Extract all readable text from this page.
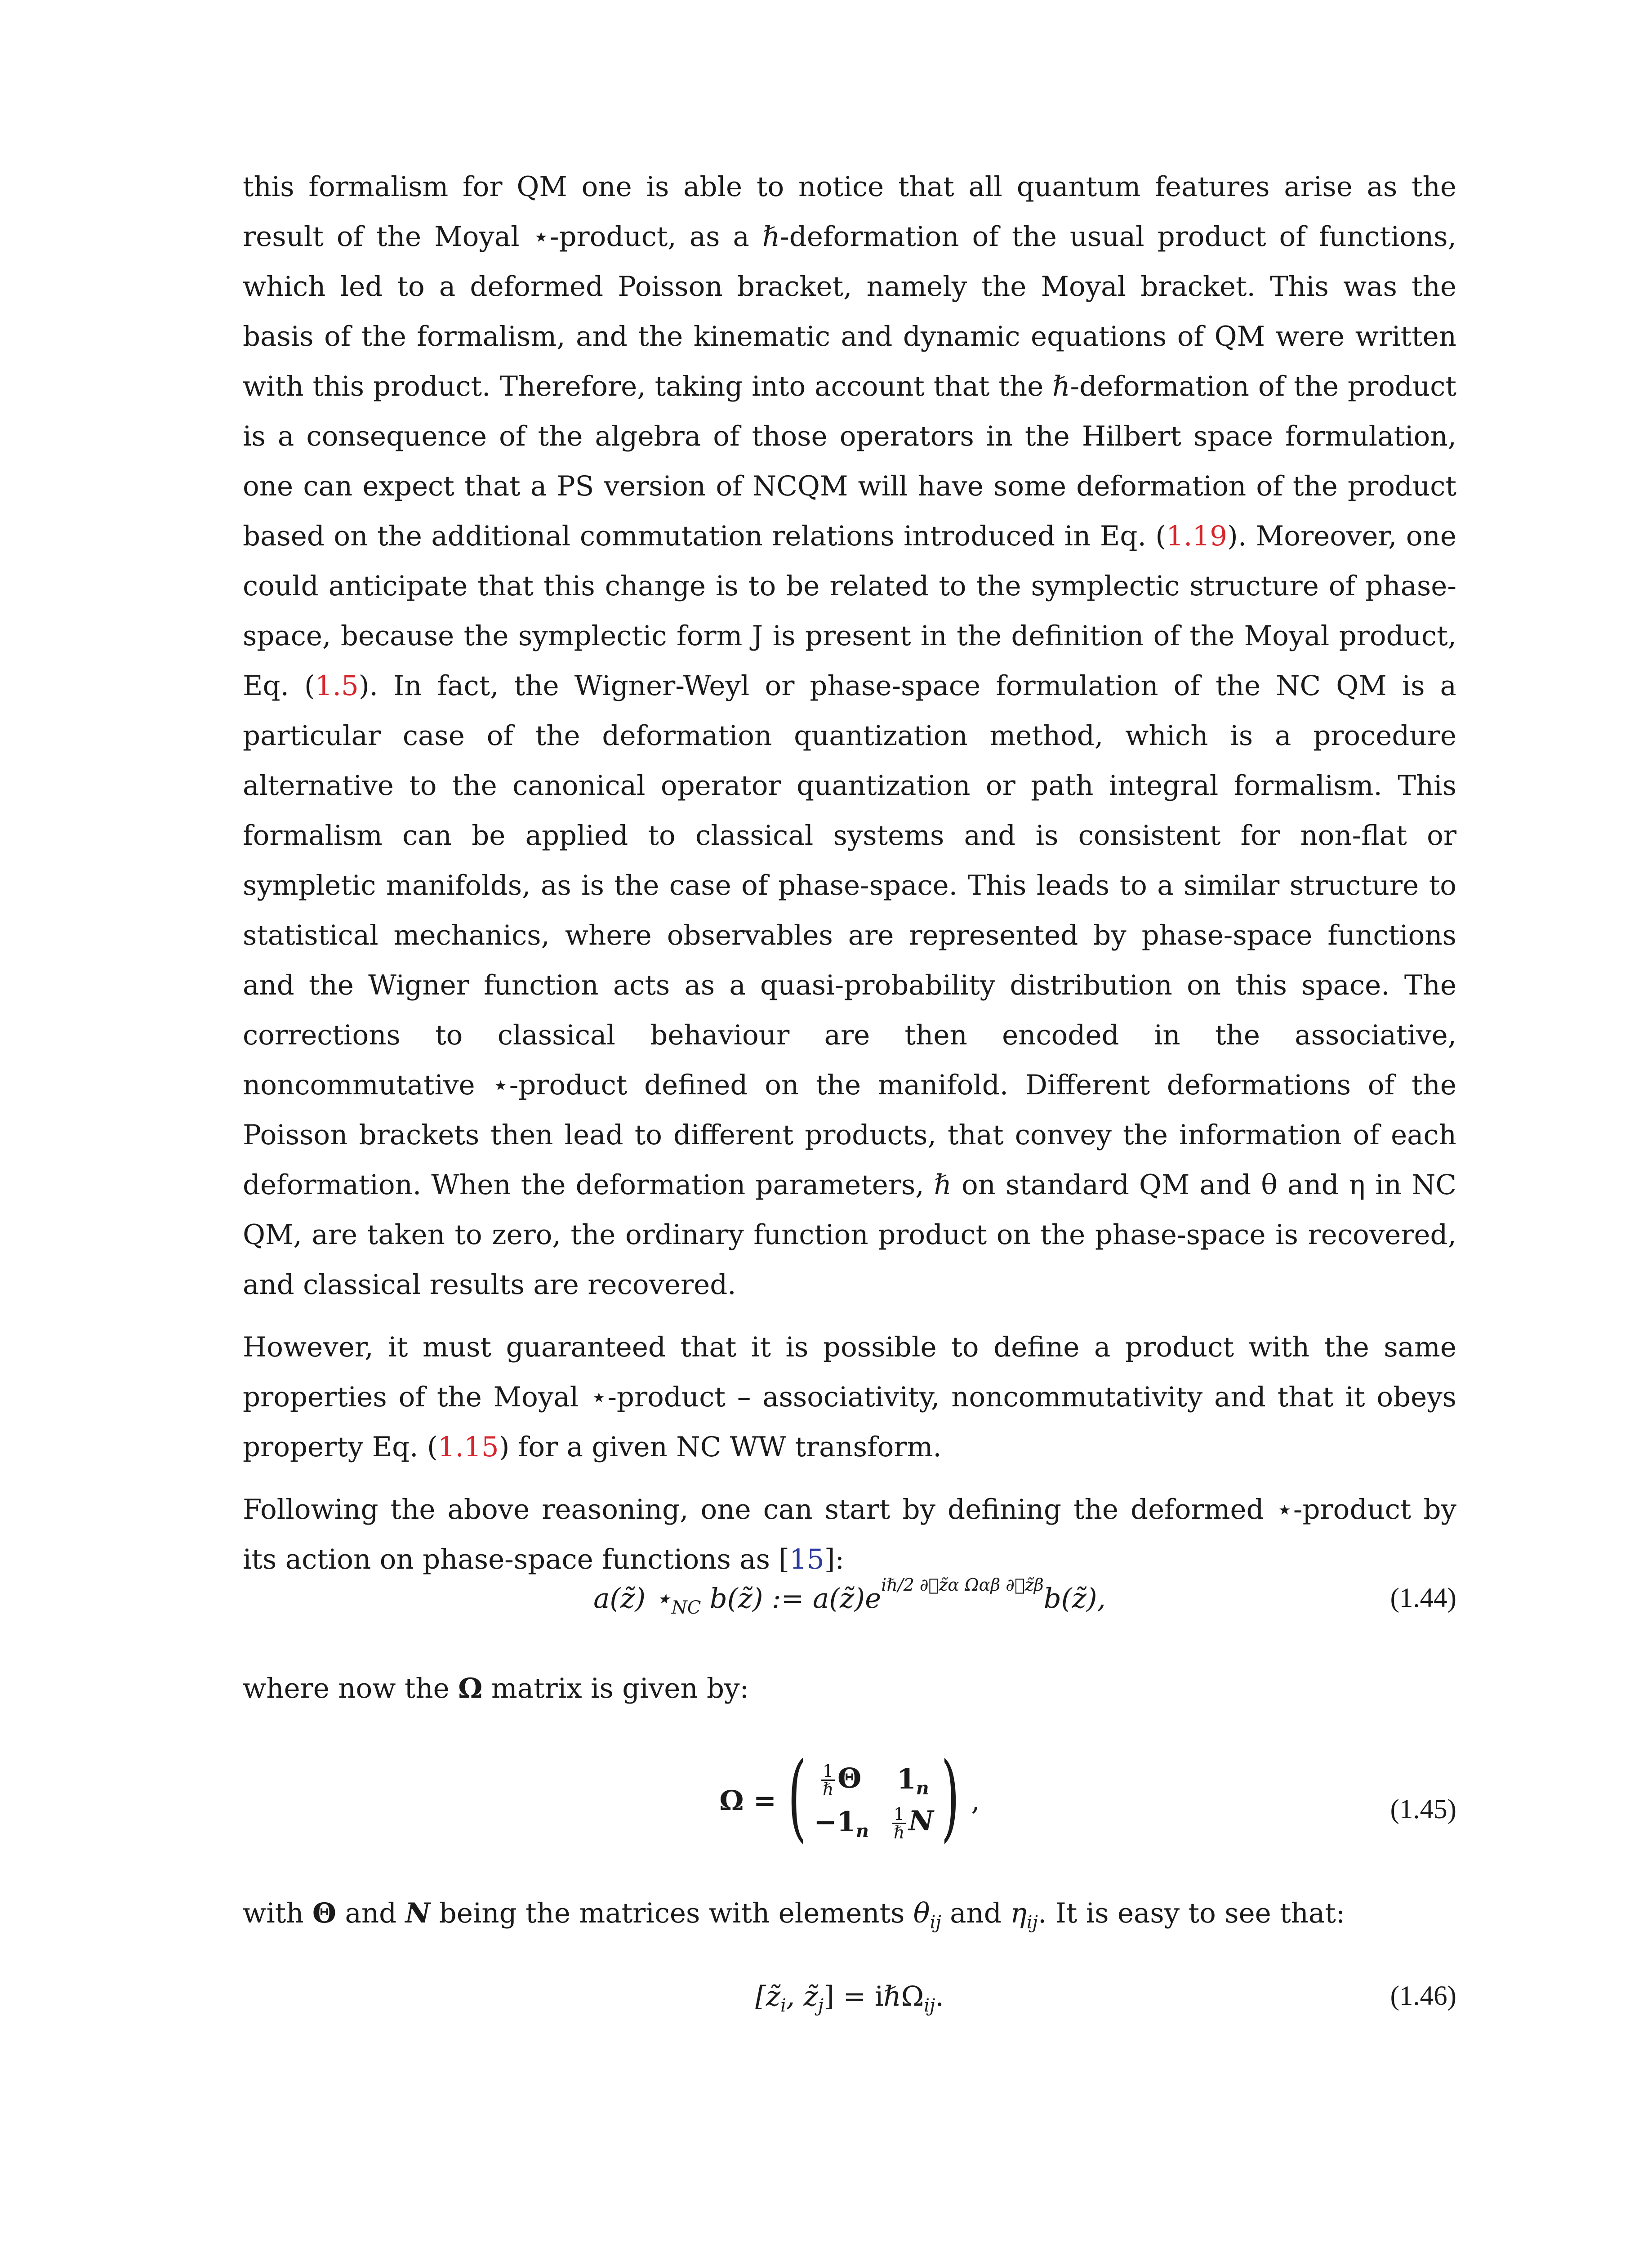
this formalism for QM one is able to notice that all quantum features arise as the result of the Moyal ⋆-product, as a ℏ-deformation of the usual product of functions, which led to a deformed Poisson bracket, namely the Moyal bracket. This was the basis of the formalism, and the kinematic and dynamic equations of QM were written with this product. Therefore, taking into account that the ℏ-deformation of the product is a consequence of the algebra of those operators in the Hilbert space formulation, one can expect that a PS version of NCQM will have some deformation of the product based on the additional commutation relations introduced in Eq. (1.19). Moreover, one could anticipate that this change is to be related to the symplectic structure of phase-space, because the symplectic form J is present in the definition of the Moyal product, Eq. (1.5). In fact, the Wigner-Weyl or phase-space formulation of the NC QM is a particular case of the deformation quantization method, which is a procedure alternative to the canonical operator quantization or path integral formalism. This formalism can be applied to classical systems and is consistent for non-flat or sympletic manifolds, as is the case of phase-space. This leads to a similar structure to statistical mechanics, where observables are represented by phase-space functions and the Wigner function acts as a quasi-probability distribution on this space. The corrections to classical behaviour are then encoded in the associative, noncommutative ⋆-product defined on the manifold. Different deformations of the Poisson brackets then lead to different products, that convey the information of each deformation. When the deformation parameters, ℏ on standard QM and θ and η in NC QM, are taken to zero, the ordinary function product on the phase-space is recovered, and classical results are recovered.

However, it must guaranteed that it is possible to define a product with the same properties of the Moyal ⋆-product – associativity, noncommutativity and that it obeys property Eq. (1.15) for a given NC WW transform.

Following the above reasoning, one can start by defining the deformed ⋆-product by its action on phase-space functions as [15]:

a(z̃) $⋆_{NC}$ b(z̃) := a(z̃)eiℏ/2 ∂⃖z̃α Ωαβ ∂⃗z̃βb(z̃),	(1.44)

where now the Ω matrix is given by:

Ω = ( $\frac{1}{\text{ℏ}}$ Θ	$1_n$
$-1_n$	$\frac{1}{\text{ℏ}}$ N ) ,	(1.45)

with Θ and N being the matrices with elements $\theta_{ij}$ and $\eta_{ij}$. It is easy to see that:

[$z̃_i$, $z̃_j$] = iℏΩ$_{ij}$.	(1.46)
